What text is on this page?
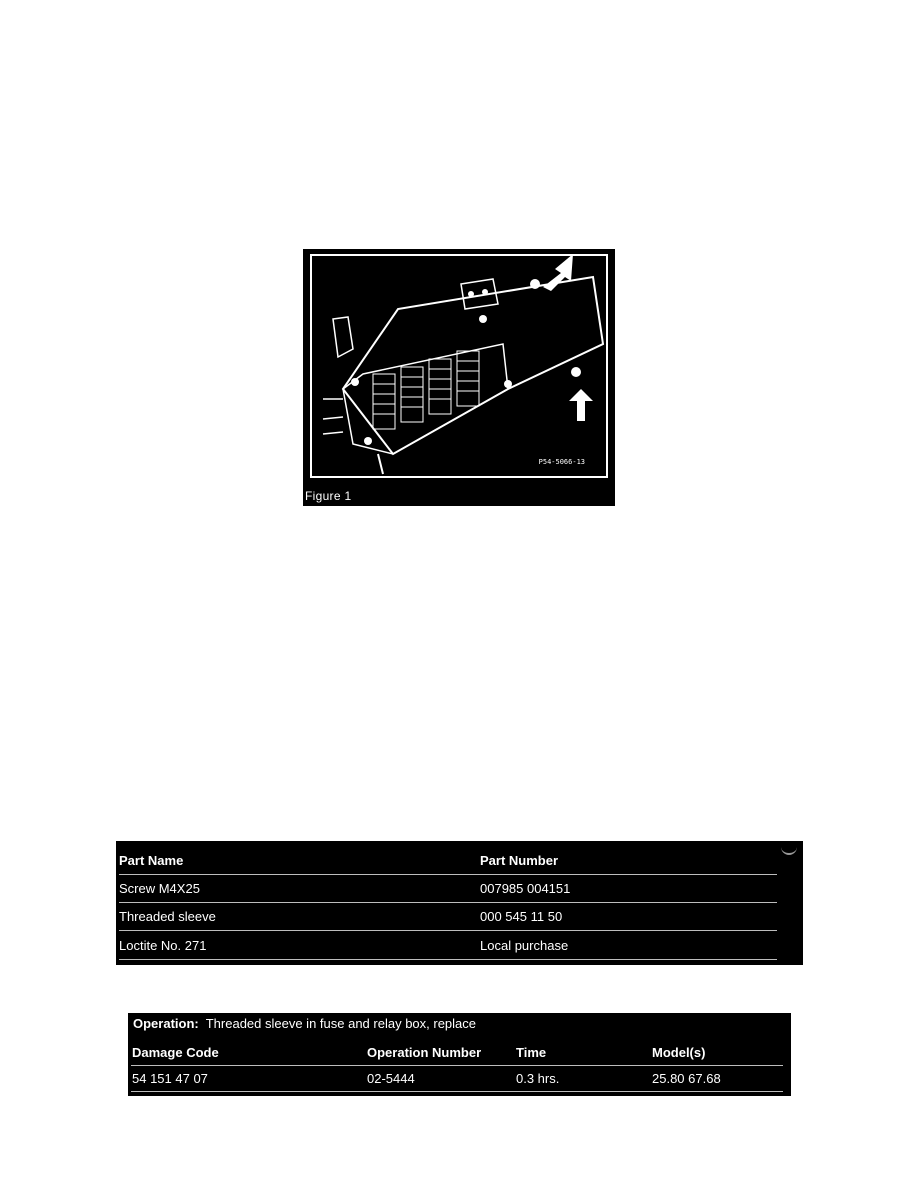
P54-5066-13
Figure 1
Part Name	Part Number
Screw M4X25	007985 004151
Threaded sleeve	000 545 11 50
Loctite No. 271	Local purchase
Operation: Threaded sleeve in fuse and relay box, replace
Damage Code	Operation Number	Time	Model(s)
54 151 47 07	02-5444	0.3 hrs.	25.80 67.68
